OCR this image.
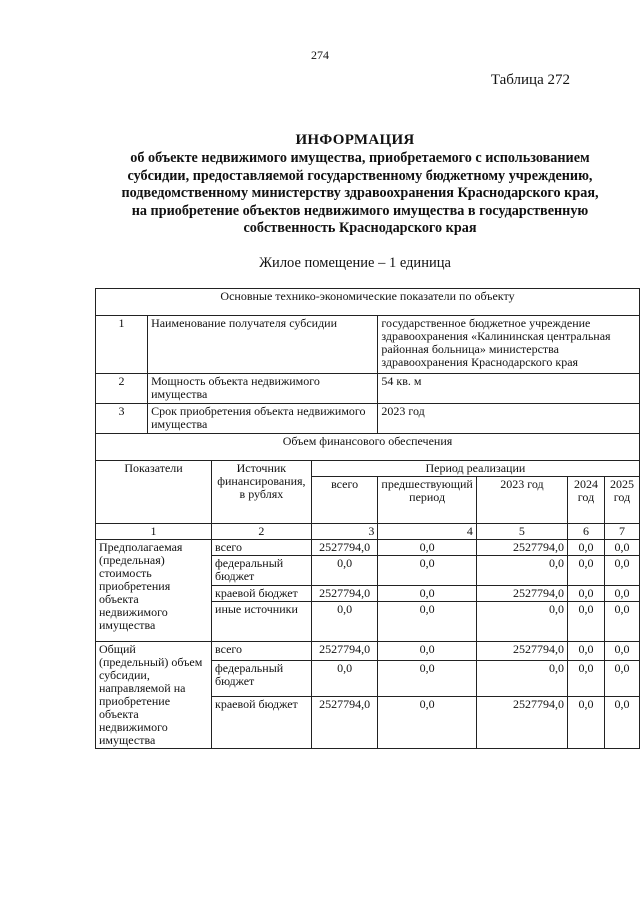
274
Таблица 272
ИНФОРМАЦИЯ
об объекте недвижимого имущества, приобретаемого с использованием
субсидии, предоставляемой государственному бюджетному учреждению,
подведомственному министерству здравоохранения Краснодарского края,
на приобретение объектов недвижимого имущества в государственную
собственность Краснодарского края
Жилое помещение – 1 единица
Основные технико-экономические показатели по объекту							
1	Наименование получателя субсидии			государственное бюджетное учреждение здравоохранения «Калининская центральная районная больница» министерства здравоохранения Краснодарского края			
2	Мощность объекта недвижимого имущества			54 кв. м			
3	Срок приобретения объекта недвижимого имущества			2023 год			
Объем финансового обеспечения							
Показатели		Источник финансирования, в рублях	Период реализации				
			всего	предшествующий период	2023 год	2024 год	2025 год
1		2	3	4	5	6	7
Предполагаемая (предельная) стоимость приобретения объекта недвижимого имущества		всего	2527794,0	0,0	2527794,0	0,0	0,0
		федеральный бюджет	0,0	0,0	0,0	0,0	0,0
		краевой бюджет	2527794,0	0,0	2527794,0	0,0	0,0
		иные источники	0,0	0,0	0,0	0,0	0,0
Общий (предельный) объем субсидии, направляемой на приобретение объекта недвижимого имущества		всего	2527794,0	0,0	2527794,0	0,0	0,0
		федеральный бюджет	0,0	0,0	0,0	0,0	0,0
		краевой бюджет	2527794,0	0,0	2527794,0	0,0	0,0
